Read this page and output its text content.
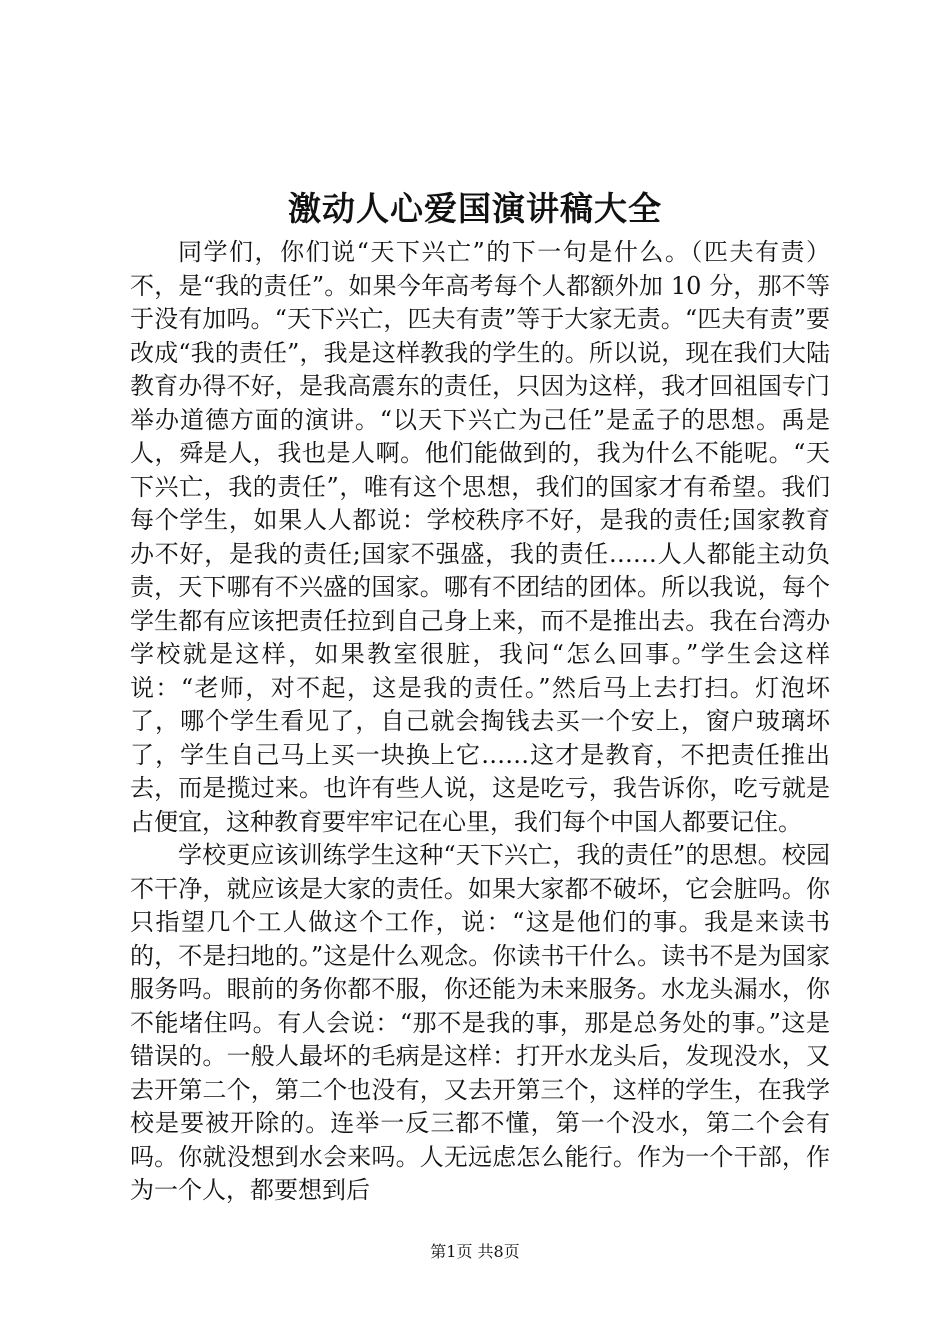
激动人心爱国演讲稿大全

同学们，你们说“天下兴亡”的下一句是什么。（匹夫有责）不，是“我的责任”。如果今年高考每个人都额外加 10 分，那不等于没有加吗。“天下兴亡，匹夫有责”等于大家无责。“匹夫有责”要改成“我的责任”，我是这样教我的学生的。所以说，现在我们大陆教育办得不好，是我高震东的责任，只因为这样，我才回祖国专门举办道德方面的演讲。“以天下兴亡为己任”是孟子的思想。禹是人，舜是人，我也是人啊。他们能做到的，我为什么不能呢。“天下兴亡，我的责任”，唯有这个思想，我们的国家才有希望。我们每个学生，如果人人都说：学校秩序不好，是我的责任;国家教育办不好，是我的责任;国家不强盛，我的责任……人人都能主动负责，天下哪有不兴盛的国家。哪有不团结的团体。所以我说，每个学生都有应该把责任拉到自己身上来，而不是推出去。我在台湾办学校就是这样，如果教室很脏，我问“怎么回事。”学生会这样说：“老师，对不起，这是我的责任。”然后马上去打扫。灯泡坏了，哪个学生看见了，自己就会掏钱去买一个安上，窗户玻璃坏了，学生自己马上买一块换上它……这才是教育，不把责任推出去，而是揽过来。也许有些人说，这是吃亏，我告诉你，吃亏就是占便宜，这种教育要牢牢记在心里，我们每个中国人都要记住。

学校更应该训练学生这种“天下兴亡，我的责任”的思想。校园不干净，就应该是大家的责任。如果大家都不破坏，它会脏吗。你只指望几个工人做这个工作，说：“这是他们的事。我是来读书的，不是扫地的。”这是什么观念。你读书干什么。读书不是为国家服务吗。眼前的务你都不服，你还能为未来服务。水龙头漏水，你不能堵住吗。有人会说：“那不是我的事，那是总务处的事。”这是错误的。一般人最坏的毛病是这样：打开水龙头后，发现没水，又去开第二个，第二个也没有，又去开第三个，这样的学生，在我学校是要被开除的。连举一反三都不懂，第一个没水，第二个会有吗。你就没想到水会来吗。人无远虑怎么能行。作为一个干部，作为一个人，都要想到后

第1页 共8页
